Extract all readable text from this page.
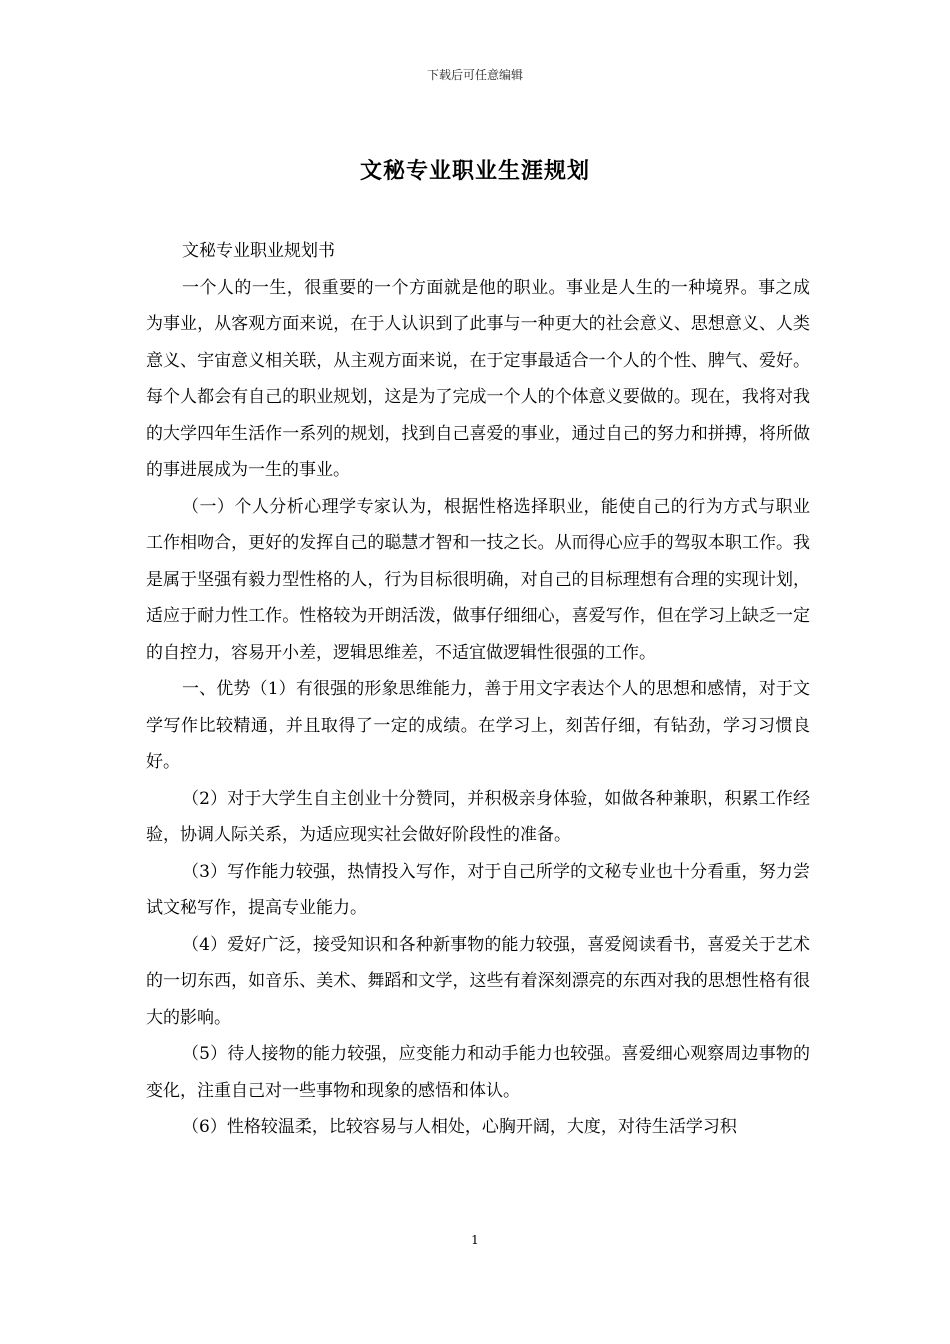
下载后可任意编辑
文秘专业职业生涯规划

文秘专业职业规划书

一个人的一生，很重要的一个方面就是他的职业。事业是人生的一种境界。事之成为事业，从客观方面来说，在于人认识到了此事与一种更大的社会意义、思想意义、人类意义、宇宙意义相关联，从主观方面来说，在于定事最适合一个人的个性、脾气、爱好。每个人都会有自己的职业规划，这是为了完成一个人的个体意义要做的。现在，我将对我的大学四年生活作一系列的规划，找到自己喜爱的事业，通过自己的努力和拼搏，将所做的事进展成为一生的事业。

（一）个人分析心理学专家认为，根据性格选择职业，能使自己的行为方式与职业工作相吻合，更好的发挥自己的聪慧才智和一技之长。从而得心应手的驾驭本职工作。我是属于坚强有毅力型性格的人，行为目标很明确，对自己的目标理想有合理的实现计划，适应于耐力性工作。性格较为开朗活泼，做事仔细细心，喜爱写作，但在学习上缺乏一定的自控力，容易开小差，逻辑思维差，不适宜做逻辑性很强的工作。

一、优势（1）有很强的形象思维能力，善于用文字表达个人的思想和感情，对于文学写作比较精通，并且取得了一定的成绩。在学习上，刻苦仔细，有钻劲，学习习惯良好。

（2）对于大学生自主创业十分赞同，并积极亲身体验，如做各种兼职，积累工作经验，协调人际关系，为适应现实社会做好阶段性的准备。

（3）写作能力较强，热情投入写作，对于自己所学的文秘专业也十分看重，努力尝试文秘写作，提高专业能力。

（4）爱好广泛，接受知识和各种新事物的能力较强，喜爱阅读看书，喜爱关于艺术的一切东西，如音乐、美术、舞蹈和文学，这些有着深刻漂亮的东西对我的思想性格有很大的影响。

（5）待人接物的能力较强，应变能力和动手能力也较强。喜爱细心观察周边事物的变化，注重自己对一些事物和现象的感悟和体认。

（6）性格较温柔，比较容易与人相处，心胸开阔，大度，对待生活学习积

1
